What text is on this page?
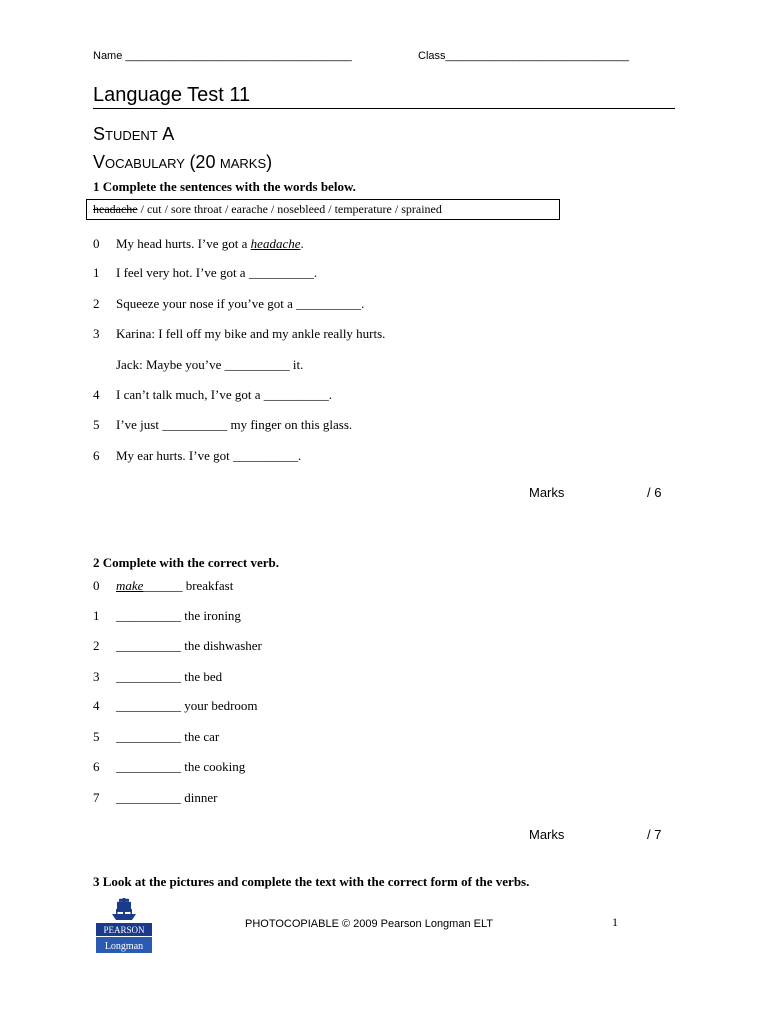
Name _____________________________________	Class______________________________
Language Test 11
STUDENT A
VOCABULARY (20 MARKS)
1 Complete the sentences with the words below.
headache / cut / sore throat / earache / nosebleed / temperature / sprained
0 My head hurts. I’ve got a headache.
1 I feel very hot. I’ve got a __________.
2 Squeeze your nose if you’ve got a __________.
3 Karina: I fell off my bike and my ankle really hurts.
Jack: Maybe you’ve __________ it.
4 I can’t talk much, I’ve got a __________.
5 I’ve just __________ my finger on this glass.
6 My ear hurts. I’ve got __________.
Marks	/ 6
2 Complete with the correct verb.
0 make______ breakfast
1 __________ the ironing
2 __________ the dishwasher
3 __________ the bed
4 __________ your bedroom
5 __________ the car
6 __________ the cooking
7 __________ dinner
Marks	/ 7
3 Look at the pictures and complete the text with the correct form of the verbs.
PEARSON
Longman
PHOTOCOPIABLE © 2009 Pearson Longman ELT	1
